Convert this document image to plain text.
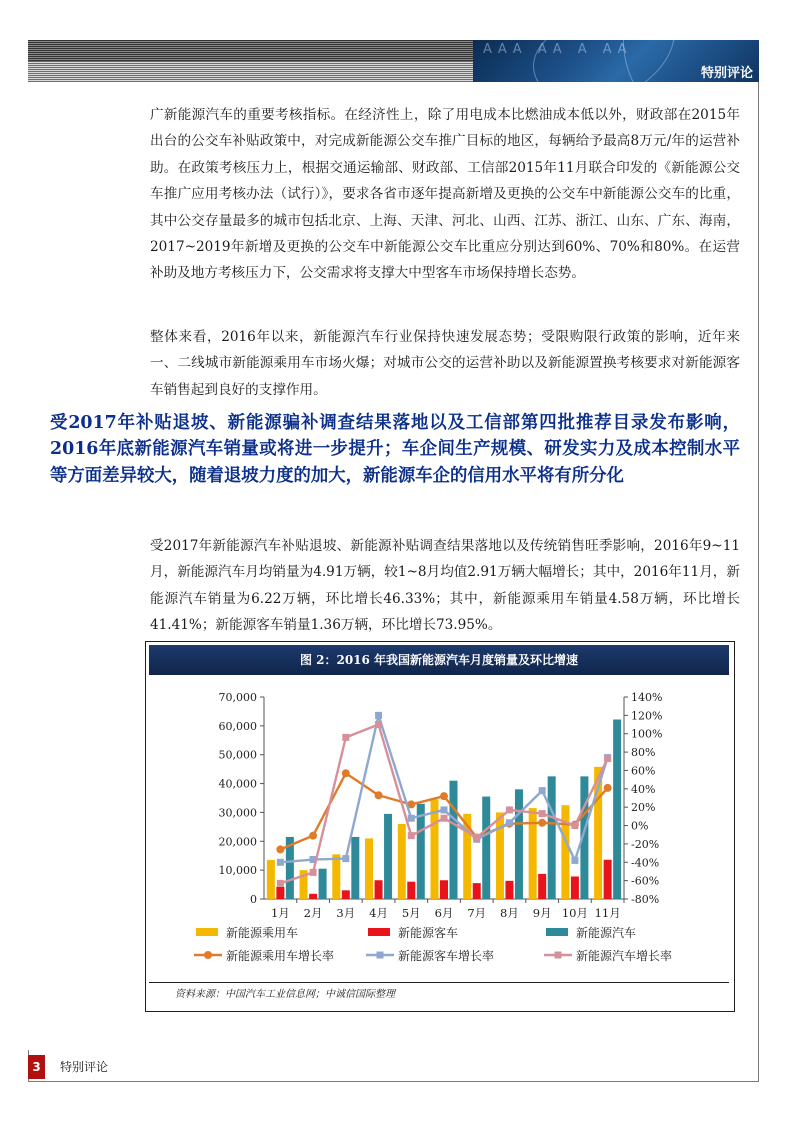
ΑΑΑ ΑΑ Α ΑΑ
特别评论

广新能源汽车的重要考核指标。在经济性上，除了用电成本比燃油成本低以外，财政部在2015年出台的公交车补贴政策中，对完成新能源公交车推广目标的地区，每辆给予最高8万元/年的运营补助。在政策考核压力上，根据交通运输部、财政部、工信部2015年11月联合印发的《新能源公交车推广应用考核办法（试行）》，要求各省市逐年提高新增及更换的公交车中新能源公交车的比重，其中公交存量最多的城市包括北京、上海、天津、河北、山西、江苏、浙江、山东、广东、海南，2017~2019年新增及更换的公交车中新能源公交车比重应分别达到60%、70%和80%。在运营补助及地方考核压力下，公交需求将支撑大中型客车市场保持增长态势。

整体来看，2016年以来，新能源汽车行业保持快速发展态势；受限购限行政策的影响，近年来一、二线城市新能源乘用车市场火爆；对城市公交的运营补助以及新能源置换考核要求对新能源客车销售起到良好的支撑作用。

受2017年补贴退坡、新能源骗补调查结果落地以及工信部第四批推荐目录发布影响，2016年底新能源汽车销量或将进一步提升；车企间生产规模、研发实力及成本控制水平等方面差异较大，随着退坡力度的加大，新能源车企的信用水平将有所分化

受2017年新能源汽车补贴退坡、新能源补贴调查结果落地以及传统销售旺季影响，2016年9~11月，新能源汽车月均销量为4.91万辆，较1~8月均值2.91万辆大幅增长；其中，2016年11月，新能源汽车销量为6.22万辆，环比增长46.33%；其中，新能源乘用车销量4.58万辆，环比增长41.41%；新能源客车销量1.36万辆，环比增长73.95%。

图 2：2016 年我国新能源汽车月度销量及环比增速
0
10,000
20,000
30,000
40,000
50,000
60,000
70,000
-80%
-60%
-40%
-20%
0%
20%
40%
60%
80%
100%
120%
140%
1月 2月 3月 4月 5月 6月 7月 8月 9月 10月 11月
新能源乘用车	新能源客车	新能源汽车
新能源乘用车增长率	新能源客车增长率	新能源汽车增长率
资料来源：中国汽车工业信息网；中诚信国际整理
3	特别评论
